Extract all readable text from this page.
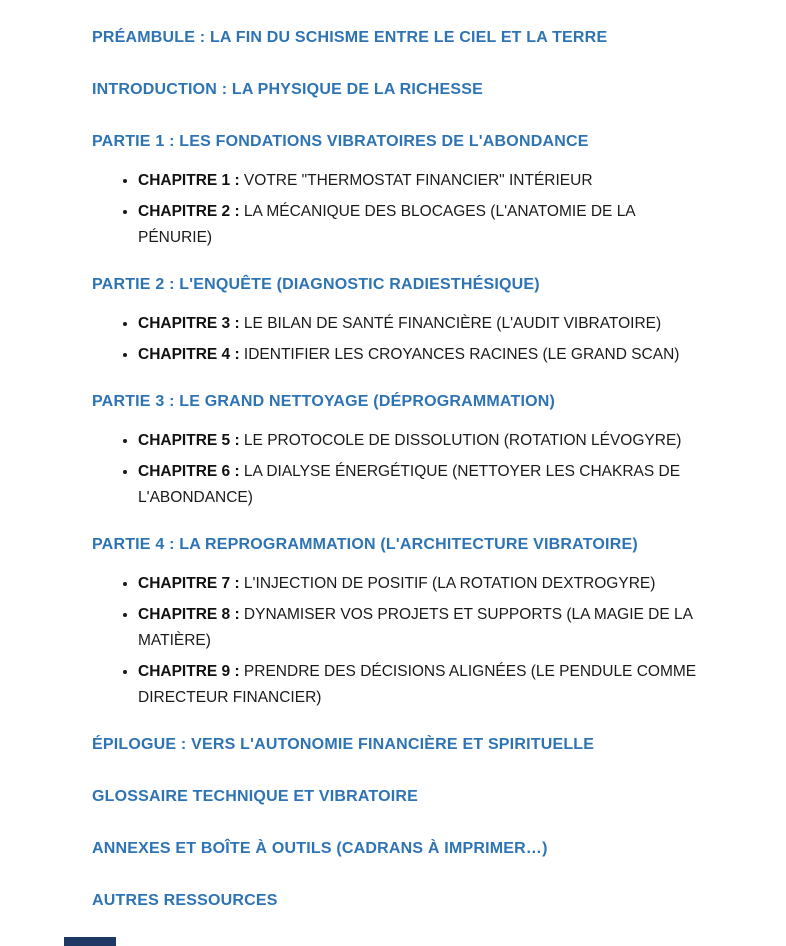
PRÉAMBULE : LA FIN DU SCHISME ENTRE LE CIEL ET LA TERRE
INTRODUCTION : LA PHYSIQUE DE LA RICHESSE
PARTIE 1 : LES FONDATIONS VIBRATOIRES DE L'ABONDANCE
• CHAPITRE 1 : VOTRE "THERMOSTAT FINANCIER" INTÉRIEUR
• CHAPITRE 2 : LA MÉCANIQUE DES BLOCAGES (L'ANATOMIE DE LA PÉNURIE)
PARTIE 2 : L'ENQUÊTE (DIAGNOSTIC RADIESTHÉSIQUE)
• CHAPITRE 3 : LE BILAN DE SANTÉ FINANCIÈRE (L'AUDIT VIBRATOIRE)
• CHAPITRE 4 : IDENTIFIER LES CROYANCES RACINES (LE GRAND SCAN)
PARTIE 3 : LE GRAND NETTOYAGE (DÉPROGRAMMATION)
• CHAPITRE 5 : LE PROTOCOLE DE DISSOLUTION (ROTATION LÉVOGYRE)
• CHAPITRE 6 : LA DIALYSE ÉNERGÉTIQUE (NETTOYER LES CHAKRAS DE L'ABONDANCE)
PARTIE 4 : LA REPROGRAMMATION (L'ARCHITECTURE VIBRATOIRE)
• CHAPITRE 7 : L'INJECTION DE POSITIF (LA ROTATION DEXTROGYRE)
• CHAPITRE 8 : DYNAMISER VOS PROJETS ET SUPPORTS (LA MAGIE DE LA MATIÈRE)
• CHAPITRE 9 : PRENDRE DES DÉCISIONS ALIGNÉES (LE PENDULE COMME DIRECTEUR FINANCIER)
ÉPILOGUE : VERS L'AUTONOMIE FINANCIÈRE ET SPIRITUELLE
GLOSSAIRE TECHNIQUE ET VIBRATOIRE
ANNEXES ET BOÎTE À OUTILS (CADRANS À IMPRIMER…)
AUTRES RESSOURCES
